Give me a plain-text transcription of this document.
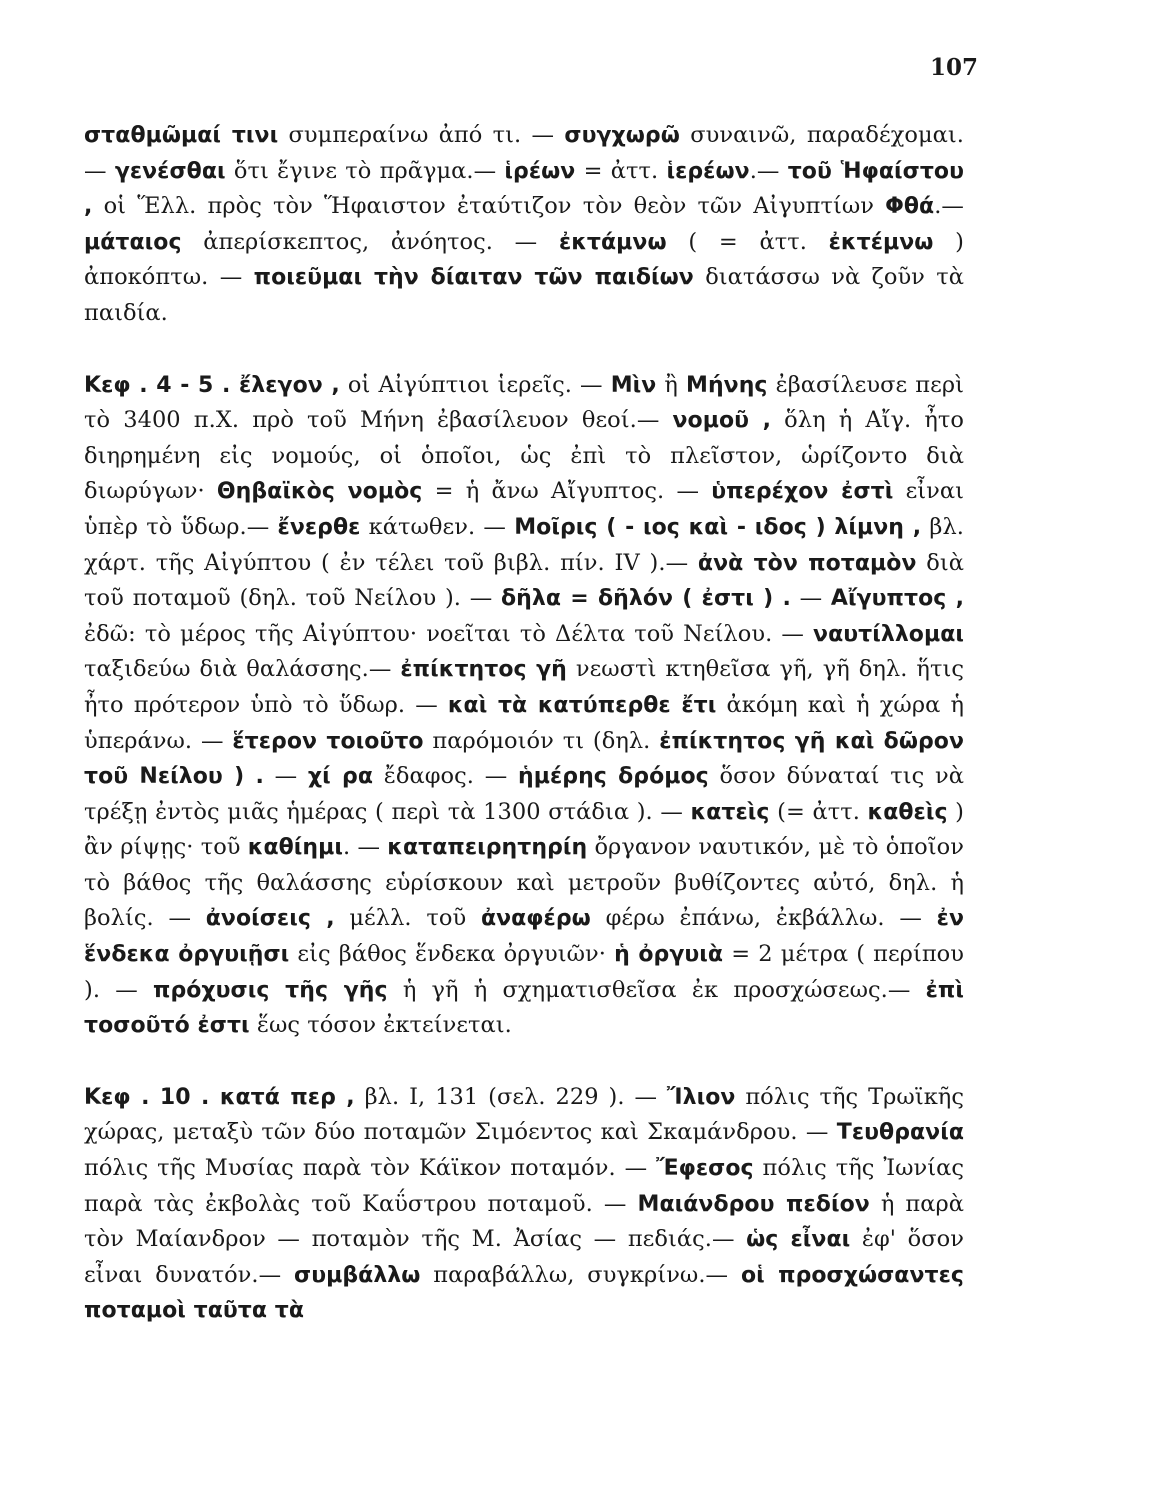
107

σταθμῶμαί τινι συμπεραίνω ἀπό τι. — συγχωρῶ συναινῶ, παραδέχομαι. — γενέσθαι ὅτι ἔγινε τὸ πρᾶγμα.— ἱρέων = ἀττ. ἱερέων.— τοῦ Ἡφαίστου , οἱ Ἕλλ. πρὸς τὸν Ἥφαιστον ἐταύτιζον τὸν θεὸν τῶν Αἰγυπτίων Φθά.— μάταιος ἀπερίσκεπτος, ἀνόητος. — ἐκτάμνω ( = ἀττ. ἐκτέμνω ) ἀποκόπτω. — ποιεῦμαι τὴν δίαιταν τῶν παιδίων διατάσσω νὰ ζοῦν τὰ παιδία.

Κεφ . 4 - 5 . ἔλεγον , οἱ Αἰγύπτιοι ἱερεῖς. — Μὶν ἢ Μήνης ἐβασίλευσε περὶ τὸ 3400 π.Χ. πρὸ τοῦ Μήνη ἐβασίλευον θεοί.— νομοῦ , ὅλη ἡ Αἴγ. ἦτο διηρημένη εἰς νομούς, οἱ ὁποῖοι, ὡς ἐπὶ τὸ πλεῖστον, ὡρίζοντο διὰ διωρύγων· Θηβαϊκὸς νομὸς = ἡ ἄνω Αἴγυπτος. — ὑπερέχον ἐστὶ εἶναι ὑπὲρ τὸ ὕδωρ.— ἔνερθε κάτωθεν. — Μοῖρις ( - ιος καὶ - ιδος ) λίμνη , βλ. χάρτ. τῆς Αἰγύπτου ( ἐν τέλει τοῦ βιβλ. πίν. IV ).— ἀνὰ τὸν ποταμὸν διὰ τοῦ ποταμοῦ (δηλ. τοῦ Νείλου ). — δῆλα = δῆλόν ( ἐστι ) . — Αἴγυπτος , ἐδῶ: τὸ μέρος τῆς Αἰγύπτου· νοεῖται τὸ Δέλτα τοῦ Νείλου. — ναυτίλλομαι ταξιδεύω διὰ θαλάσσης.— ἐπίκτητος γῆ νεωστὶ κτηθεῖσα γῆ, γῆ δηλ. ἥτις ἦτο πρότερον ὑπὸ τὸ ὕδωρ. — καὶ τὰ κατύπερθε ἔτι ἀκόμη καὶ ἡ χώρα ἡ ὑπεράνω. — ἕτερον τοιοῦτο παρόμοιόν τι (δηλ. ἐπίκτητος γῆ καὶ δῶρον τοῦ Νείλου ) . — χί ρα ἔδαφος. — ἡμέρης δρόμος ὅσον δύναταί τις νὰ τρέξῃ ἐντὸς μιᾶς ἡμέρας ( περὶ τὰ 1300 στάδια ). — κατεὶς (= ἀττ. καθεὶς ) ἂν ρίψῃς· τοῦ καθίημι. — καταπειρητηρίη ὄργανον ναυτικόν, μὲ τὸ ὁποῖον τὸ βάθος τῆς θαλάσσης εὑρίσκουν καὶ μετροῦν βυθίζοντες αὐτό, δηλ. ἡ βολίς. — ἀνοίσεις , μέλλ. τοῦ ἀναφέρω φέρω ἐπάνω, ἐκβάλλω. — ἐν ἕνδεκα ὀργυιῇσι εἰς βάθος ἕνδεκα ὀργυιῶν· ἡ ὀργυιὰ = 2 μέτρα ( περίπου ). — πρόχυσις τῆς γῆς ἡ γῆ ἡ σχηματισθεῖσα ἐκ προσχώσεως.— ἐπὶ τοσοῦτό ἐστι ἕως τόσον ἐκτείνεται.

Κεφ . 10 . κατά περ , βλ. I, 131 (σελ. 229 ). — Ἴλιον πόλις τῆς Τρωϊκῆς χώρας, μεταξὺ τῶν δύο ποταμῶν Σιμόεντος καὶ Σκαμάνδρου. — Τευθρανία πόλις τῆς Μυσίας παρὰ τὸν Κάϊκον ποταμόν. — Ἔφεσος πόλις τῆς Ἰωνίας παρὰ τὰς ἐκβολὰς τοῦ Καΰστρου ποταμοῦ. — Μαιάνδρου πεδίον ἡ παρὰ τὸν Μαίανδρον — ποταμὸν τῆς Μ. Ἀσίας — πεδιάς.— ὡς εἶναι ἐφ' ὅσον εἶναι δυνατόν.— συμβάλλω παραβάλλω, συγκρίνω.— οἱ προσχώσαντες ποταμοὶ ταῦτα τὰ
